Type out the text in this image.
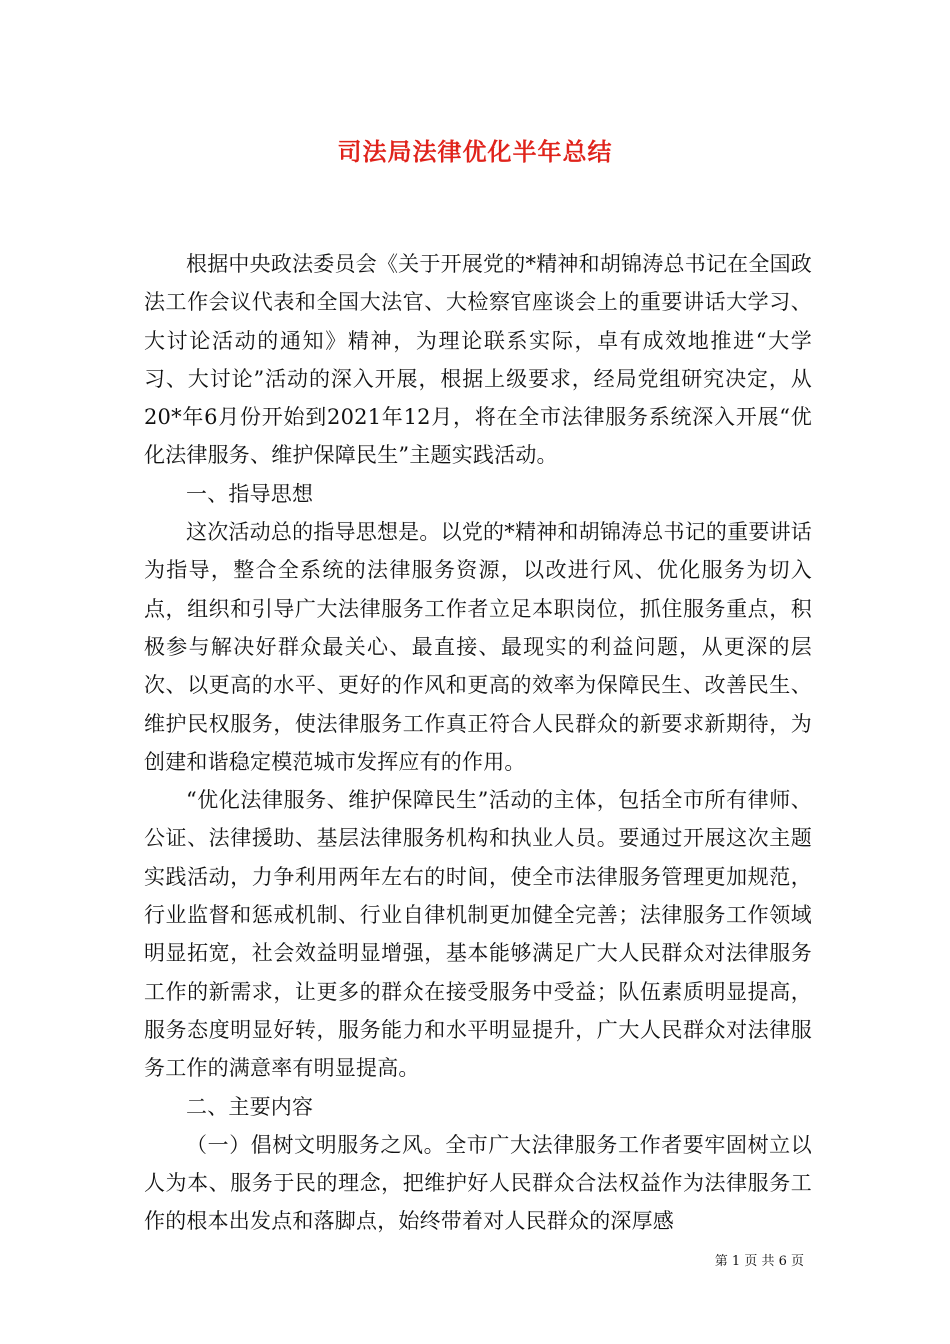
司法局法律优化半年总结

根据中央政法委员会《关于开展党的*精神和胡锦涛总书记在全国政法工作会议代表和全国大法官、大检察官座谈会上的重要讲话大学习、大讨论活动的通知》精神，为理论联系实际，卓有成效地推进“大学习、大讨论”活动的深入开展，根据上级要求，经局党组研究决定，从20*年6月份开始到2021年12月，将在全市法律服务系统深入开展“优化法律服务、维护保障民生”主题实践活动。

一、指导思想

这次活动总的指导思想是。以党的*精神和胡锦涛总书记的重要讲话为指导，整合全系统的法律服务资源，以改进行风、优化服务为切入点，组织和引导广大法律服务工作者立足本职岗位，抓住服务重点，积极参与解决好群众最关心、最直接、最现实的利益问题，从更深的层次、以更高的水平、更好的作风和更高的效率为保障民生、改善民生、维护民权服务，使法律服务工作真正符合人民群众的新要求新期待，为创建和谐稳定模范城市发挥应有的作用。

“优化法律服务、维护保障民生”活动的主体，包括全市所有律师、公证、法律援助、基层法律服务机构和执业人员。要通过开展这次主题实践活动，力争利用两年左右的时间，使全市法律服务管理更加规范，行业监督和惩戒机制、行业自律机制更加健全完善；法律服务工作领域明显拓宽，社会效益明显增强，基本能够满足广大人民群众对法律服务工作的新需求，让更多的群众在接受服务中受益；队伍素质明显提高，服务态度明显好转，服务能力和水平明显提升，广大人民群众对法律服务工作的满意率有明显提高。

二、主要内容

（一）倡树文明服务之风。全市广大法律服务工作者要牢固树立以人为本、服务于民的理念，把维护好人民群众合法权益作为法律服务工作的根本出发点和落脚点，始终带着对人民群众的深厚感

第 1 页 共 6 页
